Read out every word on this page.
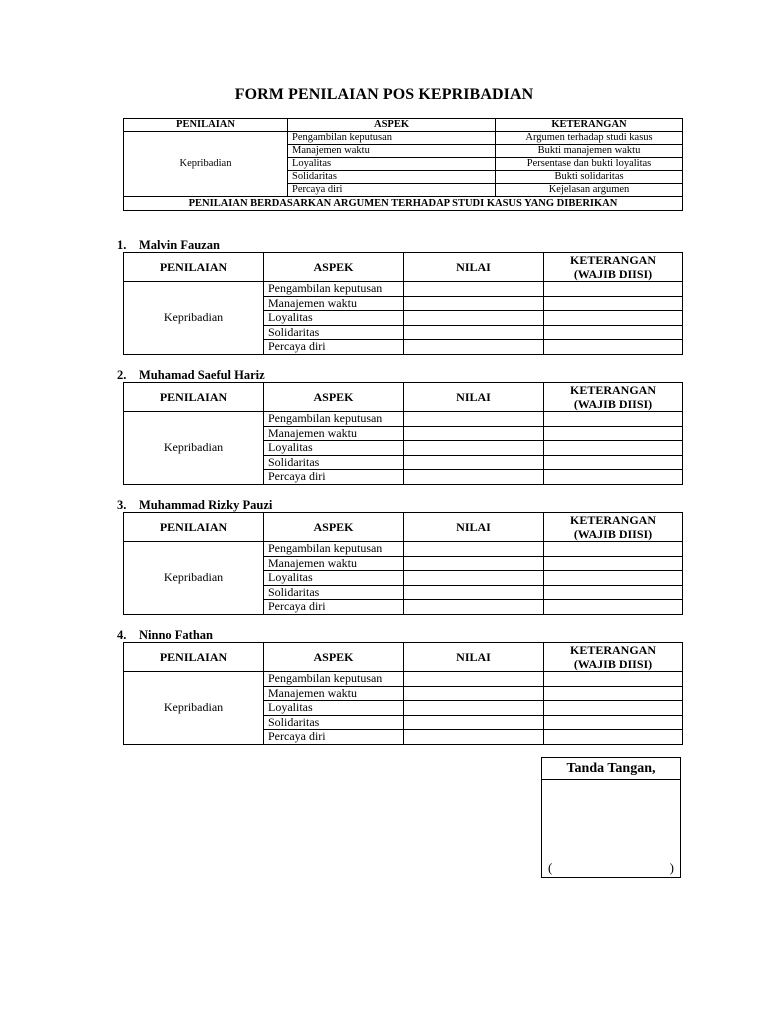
FORM PENILAIAN POS KEPRIBADIAN
PENILAIAN	ASPEK	KETERANGAN
Kepribadian	Pengambilan keputusan	Argumen terhadap studi kasus
	Manajemen waktu	Bukti manajemen waktu
	Loyalitas	Persentase dan bukti loyalitas
	Solidaritas	Bukti solidaritas
	Percaya diri	Kejelasan argumen
PENILAIAN BERDASARKAN ARGUMEN TERHADAP STUDI KASUS YANG DIBERIKAN		
1. Malvin Fauzan
PENILAIAN	ASPEK	NILAI	KETERANGAN
(WAJIB DIISI)
Kepribadian	Pengambilan keputusan		
	Manajemen waktu		
	Loyalitas		
	Solidaritas		
	Percaya diri		
2. Muhamad Saeful Hariz
PENILAIAN	ASPEK	NILAI	KETERANGAN
(WAJIB DIISI)
Kepribadian	Pengambilan keputusan		
	Manajemen waktu		
	Loyalitas		
	Solidaritas		
	Percaya diri		
3. Muhammad Rizky Pauzi
PENILAIAN	ASPEK	NILAI	KETERANGAN
(WAJIB DIISI)
Kepribadian	Pengambilan keputusan		
	Manajemen waktu		
	Loyalitas		
	Solidaritas		
	Percaya diri		
4. Ninno Fathan
PENILAIAN	ASPEK	NILAI	KETERANGAN
(WAJIB DIISI)
Kepribadian	Pengambilan keputusan		
	Manajemen waktu		
	Loyalitas		
	Solidaritas		
	Percaya diri		
Tanda Tangan,
(	)
